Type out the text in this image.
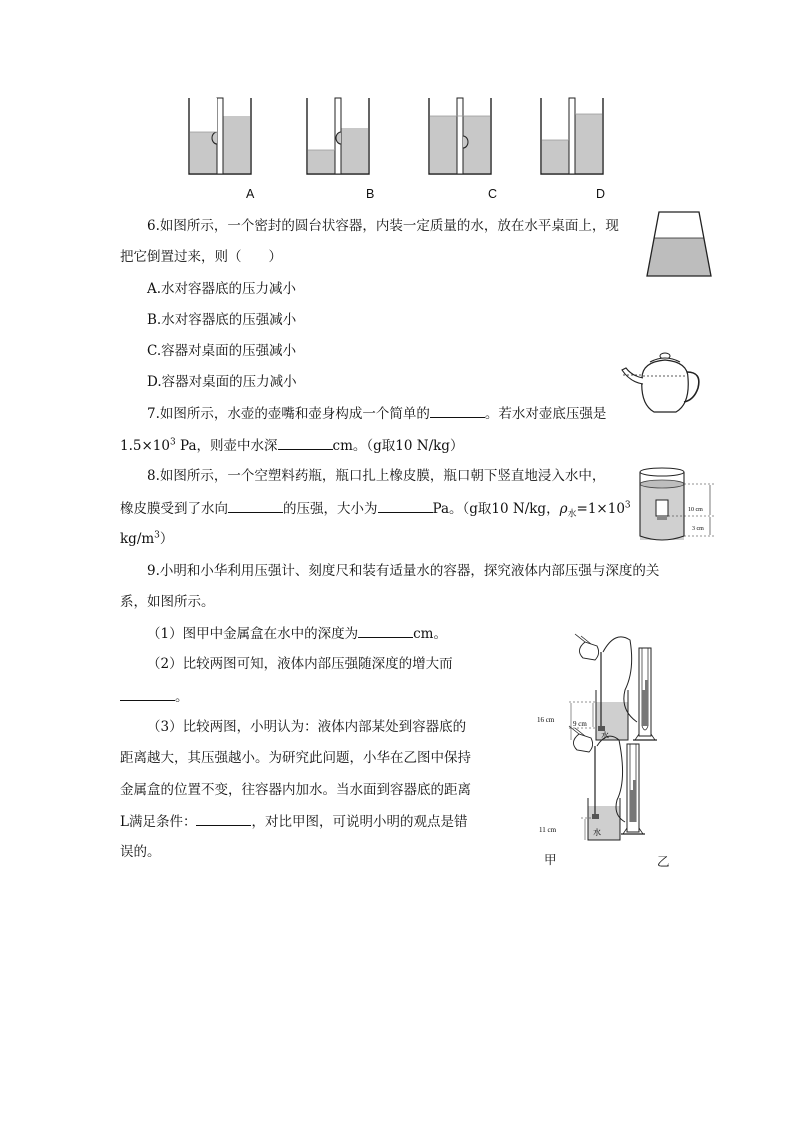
A	B	C	D
6.如图所示，一个密封的圆台状容器，内装一定质量的水，放在水平桌面上，现
把它倒置过来，则（　　）
A.水对容器底的压力减小
B.水对容器底的压强减小
C.容器对桌面的压强减小
D.容器对桌面的压力减小
7.如图所示，水壶的壶嘴和壶身构成一个简单的	。若水对壶底压强是
$1.5\times 10^3$ Pa，则壶中水深	cm。（g取10 N/kg）
8.如图所示，一个空塑料药瓶，瓶口扎上橡皮膜，瓶口朝下竖直地浸入水中，
橡皮膜受到了水向	的压强，大小为	Pa。（g取10 N/kg，$\rho_水=1\times 10^3$
$kg/m^3$）
10 cm
3 cm
9.小明和小华利用压强计、刻度尺和装有适量水的容器，探究液体内部压强与深度的关
系，如图所示。
（1）图甲中金属盒在水中的深度为	cm。
（2）比较两图可知，液体内部压强随深度的增大而
。
（3）比较两图，小明认为：液体内部某处到容器底的
距离越大，其压强越小。为研究此问题，小华在乙图中保持
金属盒的位置不变，往容器内加水。当水面到容器底的距离
L满足条件：	，对比甲图，可说明小明的观点是错
误的。
16 cm	9 cm
水
11 cm	水
甲	乙
